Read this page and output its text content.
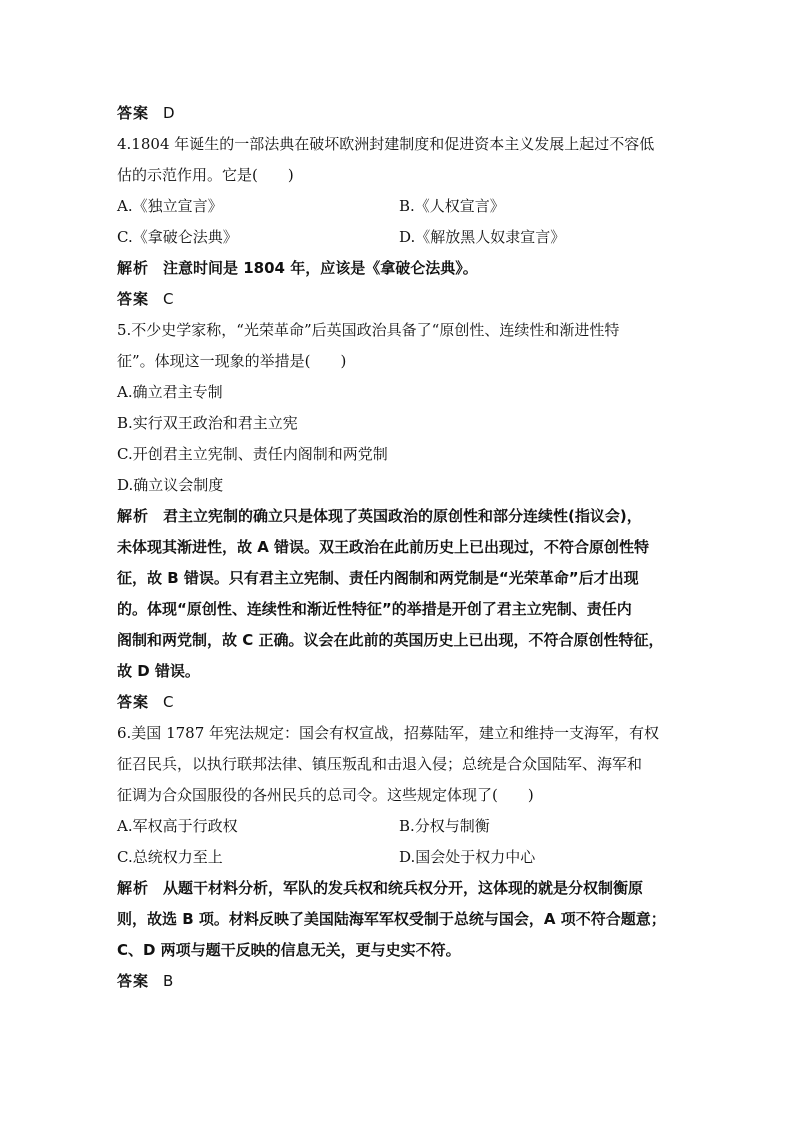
答案 D
4.1804 年诞生的一部法典在破坏欧洲封建制度和促进资本主义发展上起过不容低
估的示范作用。它是(　　)
A.《独立宣言》	B.《人权宣言》
C.《拿破仑法典》	D.《解放黑人奴隶宣言》
解析 注意时间是 1804 年，应该是《拿破仑法典》。
答案 C
5.不少史学家称，“光荣革命”后英国政治具备了“原创性、连续性和渐进性特
征”。体现这一现象的举措是(　　)
A.确立君主专制
B.实行双王政治和君主立宪
C.开创君主立宪制、责任内阁制和两党制
D.确立议会制度
解析 君主立宪制的确立只是体现了英国政治的原创性和部分连续性(指议会)，
未体现其渐进性，故 A 错误。双王政治在此前历史上已出现过，不符合原创性特
征，故 B 错误。只有君主立宪制、责任内阁制和两党制是“光荣革命”后才出现
的。体现“原创性、连续性和渐近性特征”的举措是开创了君主立宪制、责任内
阁制和两党制，故 C 正确。议会在此前的英国历史上已出现，不符合原创性特征，
故 D 错误。
答案 C
6.美国 1787 年宪法规定：国会有权宣战，招募陆军，建立和维持一支海军，有权
征召民兵，以执行联邦法律、镇压叛乱和击退入侵；总统是合众国陆军、海军和
征调为合众国服役的各州民兵的总司令。这些规定体现了(　　)
A.军权高于行政权	B.分权与制衡
C.总统权力至上	D.国会处于权力中心
解析 从题干材料分析，军队的发兵权和统兵权分开，这体现的就是分权制衡原
则，故选 B 项。材料反映了美国陆海军军权受制于总统与国会，A 项不符合题意；
C、D 两项与题干反映的信息无关，更与史实不符。
答案 B
